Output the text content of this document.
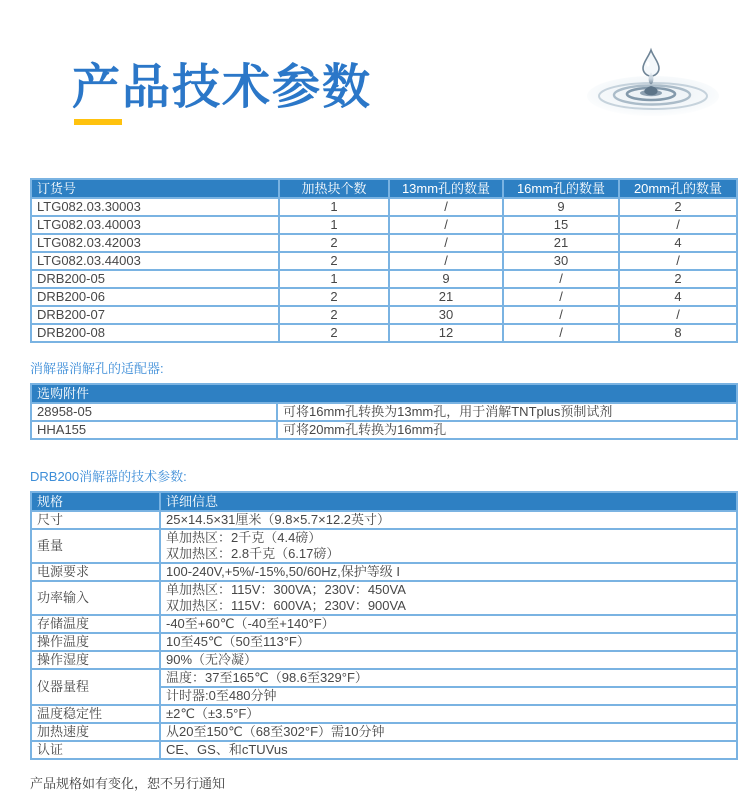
产品技术参数
订货号	加热块个数	13mm孔的数量	16mm孔的数量	20mm孔的数量
LTG082.03.30003	1	/	9	2
LTG082.03.40003	1	/	15	/
LTG082.03.42003	2	/	21	4
LTG082.03.44003	2	/	30	/
DRB200-05	1	9	/	2
DRB200-06	2	21	/	4
DRB200-07	2	30	/	/
DRB200-08	2	12	/	8

消解器消解孔的适配器:

选购附件	
28958-05	可将16mm孔转换为13mm孔，用于消解TNTplus预制试剂
HHA155	可将20mm孔转换为16mm孔

DRB200消解器的技术参数:

规格	详细信息
尺寸	25×14.5×31厘米（9.8×5.7×12.2英寸）

重量	单加热区：2千克（4.4磅）
双加热区：2.8千克（6.17磅）

电源要求	100-240V,+5%/-15%,50/60Hz,保护等级 I

功率输入	单加热区：115V：300VA；230V：450VA
双加热区：115V：600VA；230V：900VA

存储温度	-40至+60℃（-40至+140°F）

操作温度	10至45℃（50至113°F）

操作湿度	90%（无冷凝）

仪器量程	温度：37至165℃（98.6至329°F）
	计时器:0至480分钟
温度稳定性	±2℃（±3.5°F）

加热速度	从20至150℃（68至302°F）需10分钟

认证	CE、GS、和cTUVus

产品规格如有变化，恕不另行通知
